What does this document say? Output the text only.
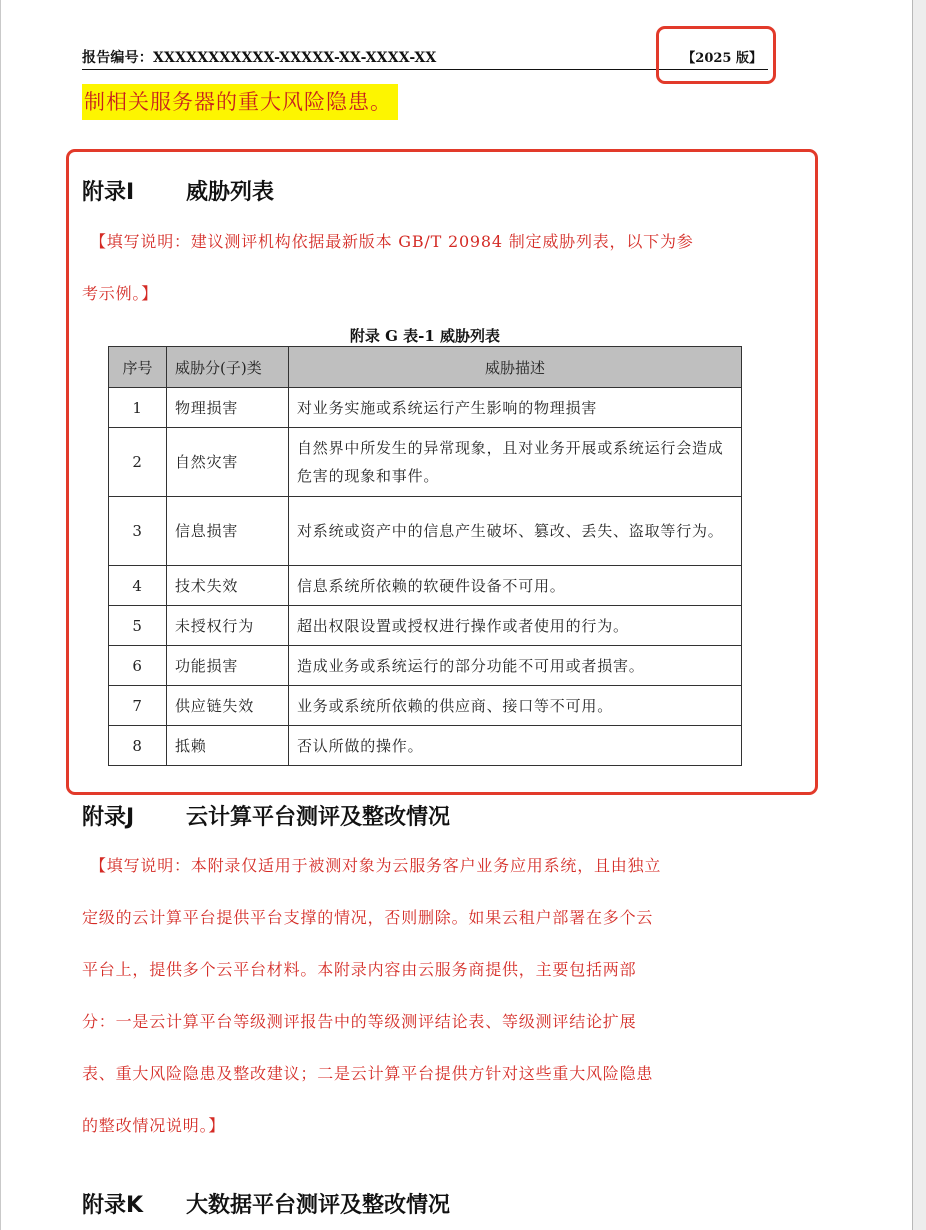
报告编号：XXXXXXXXXXX-XXXXX-XX-XXXX-XX	【2025 版】
制相关服务器的重大风险隐患。
附录I 威胁列表
【填写说明：建议测评机构依据最新版本 GB/T 20984 制定威胁列表，以下为参
考示例。】
附录 G 表-1 威胁列表
序号	威胁分(子)类	威胁描述
1	物理损害	对业务实施或系统运行产生影响的物理损害
2	自然灾害	自然界中所发生的异常现象，且对业务开展或系统运行会造成危害的现象和事件。
3	信息损害	对系统或资产中的信息产生破坏、篡改、丢失、盗取等行为。
4	技术失效	信息系统所依赖的软硬件设备不可用。
5	未授权行为	超出权限设置或授权进行操作或者使用的行为。
6	功能损害	造成业务或系统运行的部分功能不可用或者损害。
7	供应链失效	业务或系统所依赖的供应商、接口等不可用。
8	抵赖	否认所做的操作。
附录J 云计算平台测评及整改情况
【填写说明：本附录仅适用于被测对象为云服务客户业务应用系统，且由独立
定级的云计算平台提供平台支撑的情况，否则删除。如果云租户部署在多个云
平台上，提供多个云平台材料。本附录内容由云服务商提供，主要包括两部
分：一是云计算平台等级测评报告中的等级测评结论表、等级测评结论扩展
表、重大风险隐患及整改建议；二是云计算平台提供方针对这些重大风险隐患
的整改情况说明。】
附录K 大数据平台测评及整改情况
